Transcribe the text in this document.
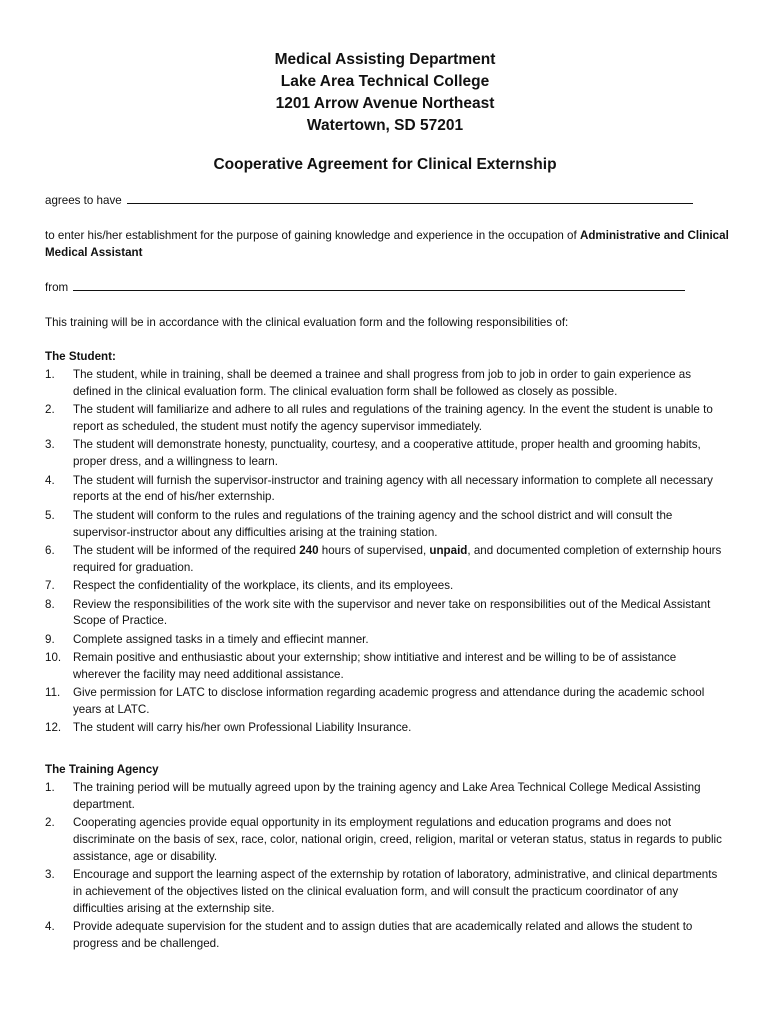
Medical Assisting Department
Lake Area Technical College
1201 Arrow Avenue Northeast
Watertown, SD 57201
Cooperative Agreement for Clinical Externship
agrees to have
to enter his/her establishment for the purpose of gaining knowledge and experience in the occupation of Administrative and Clinical Medical Assistant
from
This training will be in accordance with the clinical evaluation form and the following responsibilities of:
The Student:
1. The student, while in training, shall be deemed a trainee and shall progress from job to job in order to gain experience as defined in the clinical evaluation form. The clinical evaluation form shall be followed as closely as possible.
2. The student will familiarize and adhere to all rules and regulations of the training agency. In the event the student is unable to report as scheduled, the student must notify the agency supervisor immediately.
3. The student will demonstrate honesty, punctuality, courtesy, and a cooperative attitude, proper health and grooming habits, proper dress, and a willingness to learn.
4. The student will furnish the supervisor-instructor and training agency with all necessary information to complete all necessary reports at the end of his/her externship.
5. The student will conform to the rules and regulations of the training agency and the school district and will consult the supervisor-instructor about any difficulties arising at the training station.
6. The student will be informed of the required 240 hours of supervised, unpaid, and documented completion of externship hours required for graduation.
7. Respect the confidentiality of the workplace, its clients, and its employees.
8. Review the responsibilities of the work site with the supervisor and never take on responsibilities out of the Medical Assistant Scope of Practice.
9. Complete assigned tasks in a timely and effiecint manner.
10. Remain positive and enthusiastic about your externship; show intitiative and interest and be willing to be of assistance wherever the facility may need additional assistance.
11. Give permission for LATC to disclose information regarding academic progress and attendance during the academic school years at LATC.
12. The student will carry his/her own Professional Liability Insurance.
The Training Agency
1. The training period will be mutually agreed upon by the training agency and Lake Area Technical College Medical Assisting department.
2. Cooperating agencies provide equal opportunity in its employment regulations and education programs and does not discriminate on the basis of sex, race, color, national origin, creed, religion, marital or veteran status, status in regards to public assistance, age or disability.
3. Encourage and support the learning aspect of the externship by rotation of laboratory, administrative, and clinical departments in achievement of the objectives listed on the clinical evaluation form, and will consult the practicum coordinator of any difficulties arising at the externship site.
4. Provide adequate supervision for the student and to assign duties that are academically related and allows the student to progress and be challenged.
